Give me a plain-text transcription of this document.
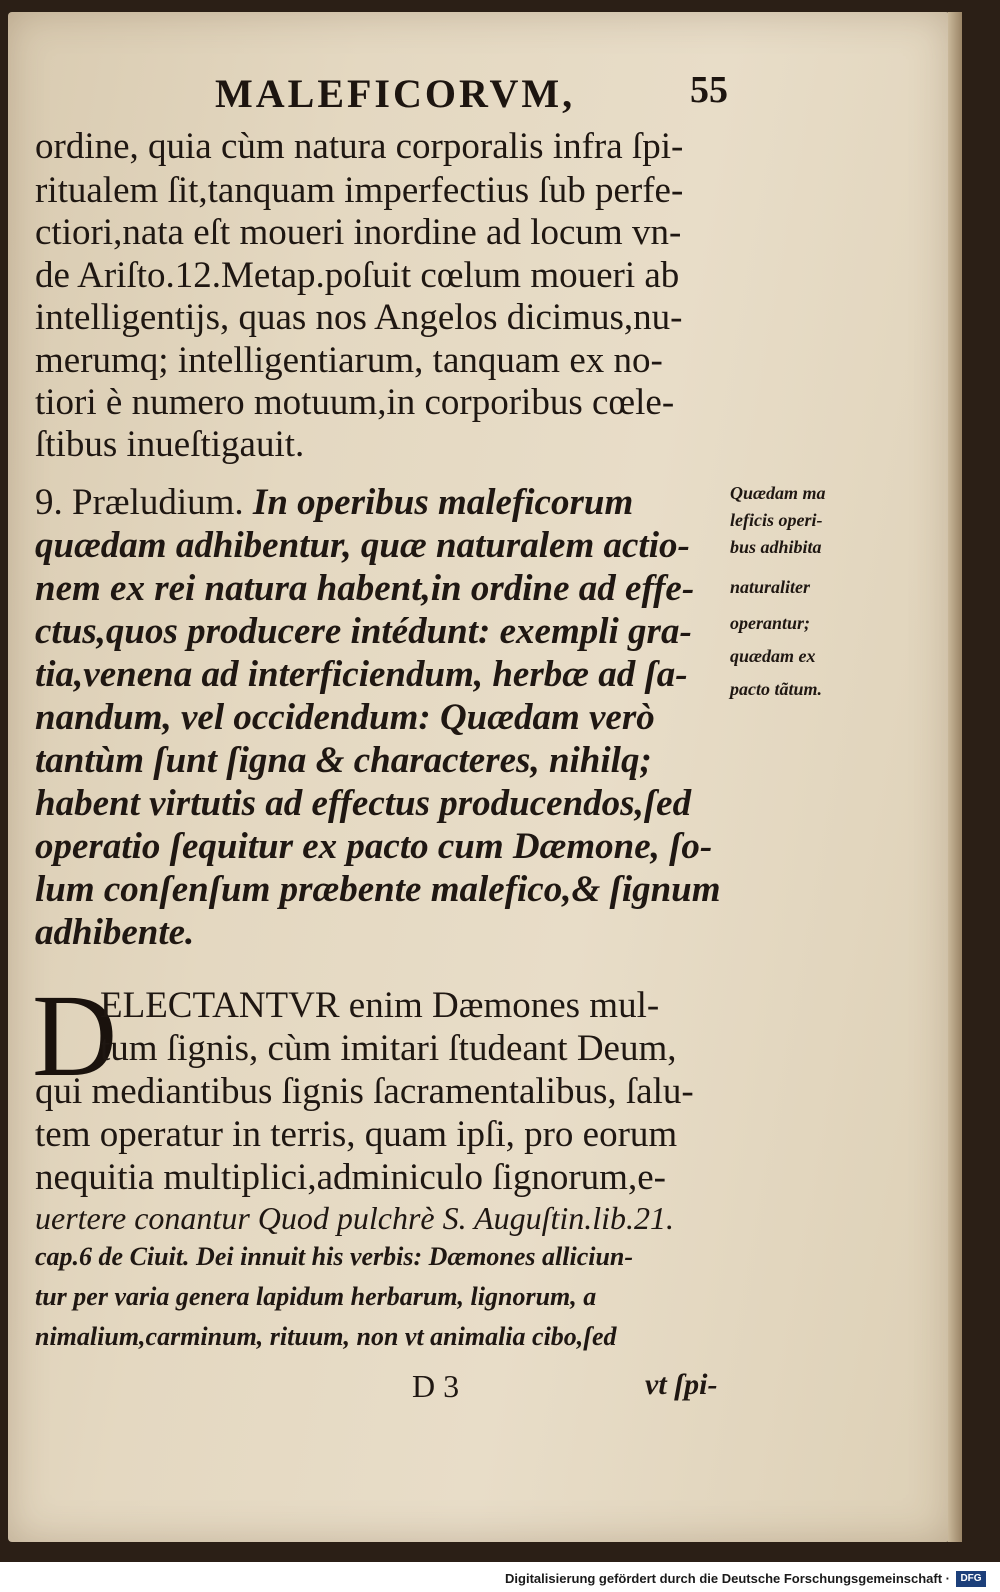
MALEFICORVM,	55
ordine, quia cùm natura corporalis infra ſpi-
ritualem ſit,tanquam imperfectius ſub perfe-
ctiori,nata eſt moueri inordine ad locum vn-
de Ariſto.12.Metap.poſuit cœlum moueri ab
intelligentijs, quas nos Angelos dicimus,nu-
merumq; intelligentiarum, tanquam ex no-
tiori è numero motuum,in corporibus cœle-
ſtibus inueſtigauit.
9. Præludium. In operibus maleficorum
quædam adhibentur, quæ naturalem actio-
nem ex rei natura habent,in ordine ad effe-
ctus,quos producere intédunt: exempli gra-
tia,venena ad interficiendum, herbæ ad ſa-
nandum, vel occidendum: Quædam verò
tantùm ſunt ſigna & characteres, nihilq;
habent virtutis ad effectus producendos,ſed
operatio ſequitur ex pacto cum Dæmone, ſo-
lum conſenſum præbente malefico,& ſignum
adhibente.
Quædam ma
leficis operi-
bus adhibita
naturaliter
operantur;
quædam ex
pacto tãtum.
D
ELECTANTVR enim Dæmones mul-
tum ſignis, cùm imitari ſtudeant Deum,
qui mediantibus ſignis ſacramentalibus, ſalu-
tem operatur in terris, quam ipſi, pro eorum
nequitia multiplici,adminiculo ſignorum,e-
uertere conantur Quod pulchrè S. Auguſtin.lib.21.
cap.6 de Ciuit. Dei innuit his verbis: Dæmones alliciun-
tur per varia genera lapidum herbarum, lignorum, a
nimalium,carminum, rituum, non vt animalia cibo,ſed
D 3	vt ſpi-
Digitalisierung gefördert durch die Deutsche Forschungsgemeinschaft ·	DFG
